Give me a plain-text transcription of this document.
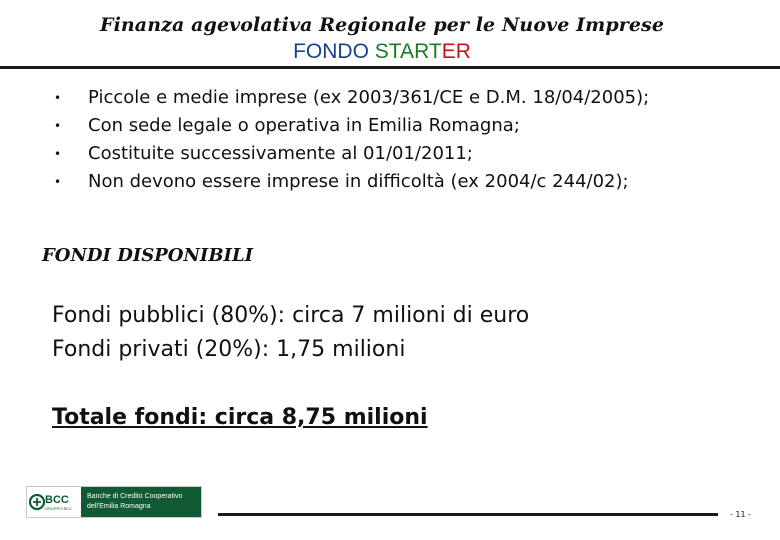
Finanza agevolativa Regionale per le Nuove Imprese
FONDO STARTER
• Piccole e medie imprese (ex 2003/361/CE e D.M. 18/04/2005);
• Con sede legale o operativa in Emilia Romagna;
• Costituite successivamente al 01/01/2011;
• Non devono essere imprese in difficoltà (ex 2004/c 244/02);
FONDI DISPONIBILI
Fondi pubblici (80%): circa 7 milioni di euro
Fondi privati (20%): 1,75 milioni
Totale fondi: circa 8,75 milioni
BCC
GRUPPO BCC
Banche di Credito Cooperativo
dell'Emilia Romagna
- 11 -
